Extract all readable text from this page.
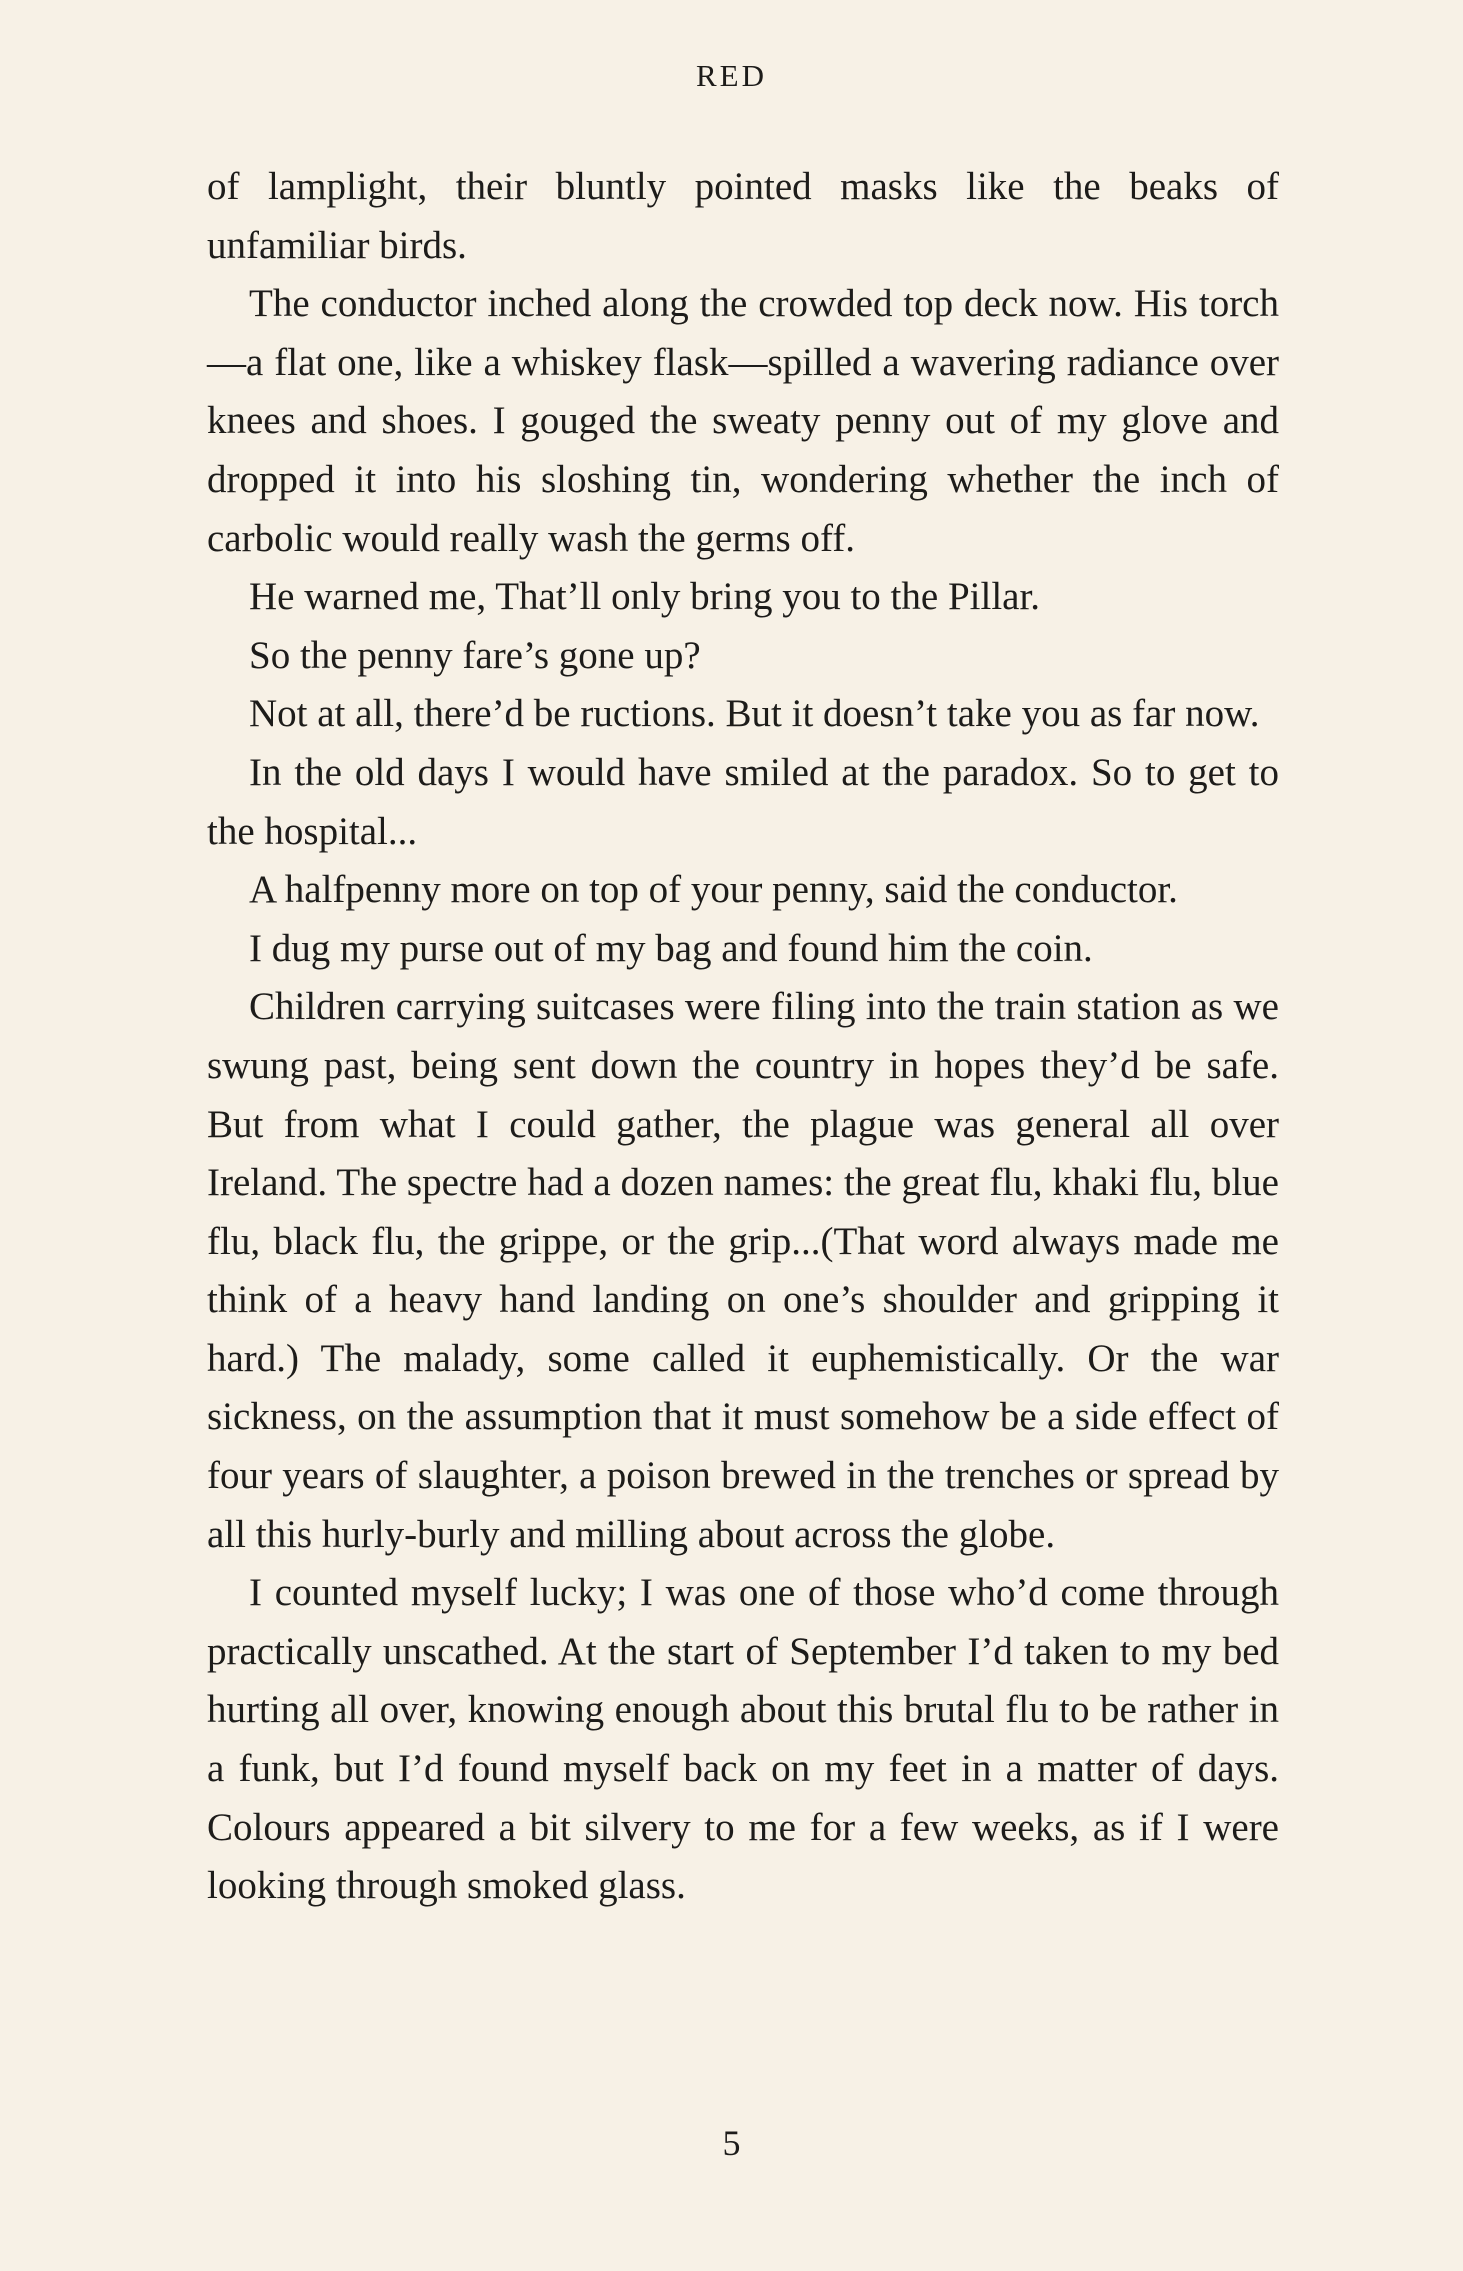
RED

of lamplight, their bluntly pointed masks like the beaks of unfamiliar birds.

The conductor inched along the crowded top deck now. His torch—a flat one, like a whiskey flask—spilled a wavering radiance over knees and shoes. I gouged the sweaty penny out of my glove and dropped it into his sloshing tin, wondering whether the inch of carbolic would really wash the germs off.

He warned me, That’ll only bring you to the Pillar.

So the penny fare’s gone up?

Not at all, there’d be ructions. But it doesn’t take you as far now.

In the old days I would have smiled at the paradox. So to get to the hospital...

A halfpenny more on top of your penny, said the conductor.

I dug my purse out of my bag and found him the coin.

Children carrying suitcases were filing into the train station as we swung past, being sent down the country in hopes they’d be safe. But from what I could gather, the plague was general all over Ireland. The spectre had a dozen names: the great flu, khaki flu, blue flu, black flu, the grippe, or the grip...(That word always made me think of a heavy hand landing on one’s shoulder and gripping it hard.) The malady, some called it euphemistically. Or the war sickness, on the assumption that it must somehow be a side effect of four years of slaughter, a poison brewed in the trenches or spread by all this hurly-burly and milling about across the globe.

I counted myself lucky; I was one of those who’d come through practically unscathed. At the start of September I’d taken to my bed hurting all over, knowing enough about this brutal flu to be rather in a funk, but I’d found myself back on my feet in a matter of days. Colours appeared a bit silvery to me for a few weeks, as if I were looking through smoked glass.

5
